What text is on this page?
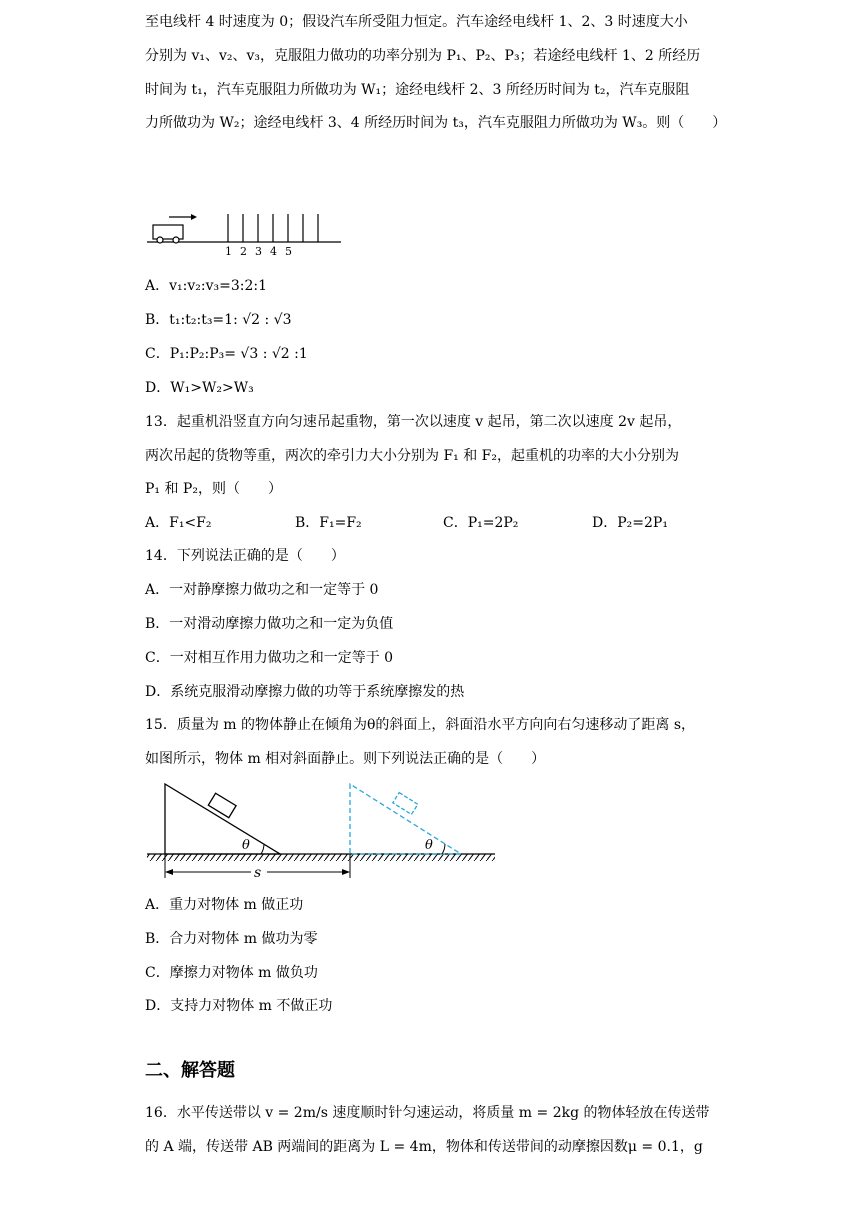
至电线杆 4 时速度为 0；假设汽车所受阻力恒定。汽车途经电线杆 1、2、3 时速度大小
分别为 v₁、v₂、v₃，克服阻力做功的功率分别为 P₁、P₂、P₃；若途经电线杆 1、2 所经历
时间为 t₁，汽车克服阻力所做功为 W₁；途经电线杆 2、3 所经历时间为 t₂，汽车克服阻
力所做功为 W₂；途经电线杆 3、4 所经历时间为 t₃，汽车克服阻力所做功为 W₃。则（　　）
1 2 3 4 5
A．v₁:v₂:v₃=3:2:1
B．t₁:t₂:t₃=1: √2 : √3
C．P₁:P₂:P₃= √3 : √2 :1
D．W₁>W₂>W₃
13．起重机沿竖直方向匀速吊起重物，第一次以速度 v 起吊，第二次以速度 2v 起吊，
两次吊起的货物等重，两次的牵引力大小分别为 F₁ 和 F₂，起重机的功率的大小分别为
P₁ 和 P₂，则（　　）
A．F₁<F₂	B．F₁=F₂	C．P₁=2P₂	D．P₂=2P₁
14．下列说法正确的是（　　）
A．一对静摩擦力做功之和一定等于 0
B．一对滑动摩擦力做功之和一定为负值
C．一对相互作用力做功之和一定等于 0
D．系统克服滑动摩擦力做的功等于系统摩擦发的热
15．质量为 m 的物体静止在倾角为θ的斜面上，斜面沿水平方向向右匀速移动了距离 s，
如图所示，物体 m 相对斜面静止。则下列说法正确的是（　　）
θ	θ
s
A．重力对物体 m 做正功
B．合力对物体 m 做功为零
C．摩擦力对物体 m 做负功
D．支持力对物体 m 不做正功
二、解答题
16．水平传送带以 v = 2m/s 速度顺时针匀速运动，将质量 m = 2kg 的物体轻放在传送带
的 A 端，传送带 AB 两端间的距离为 L = 4m，物体和传送带间的动摩擦因数μ = 0.1，g
